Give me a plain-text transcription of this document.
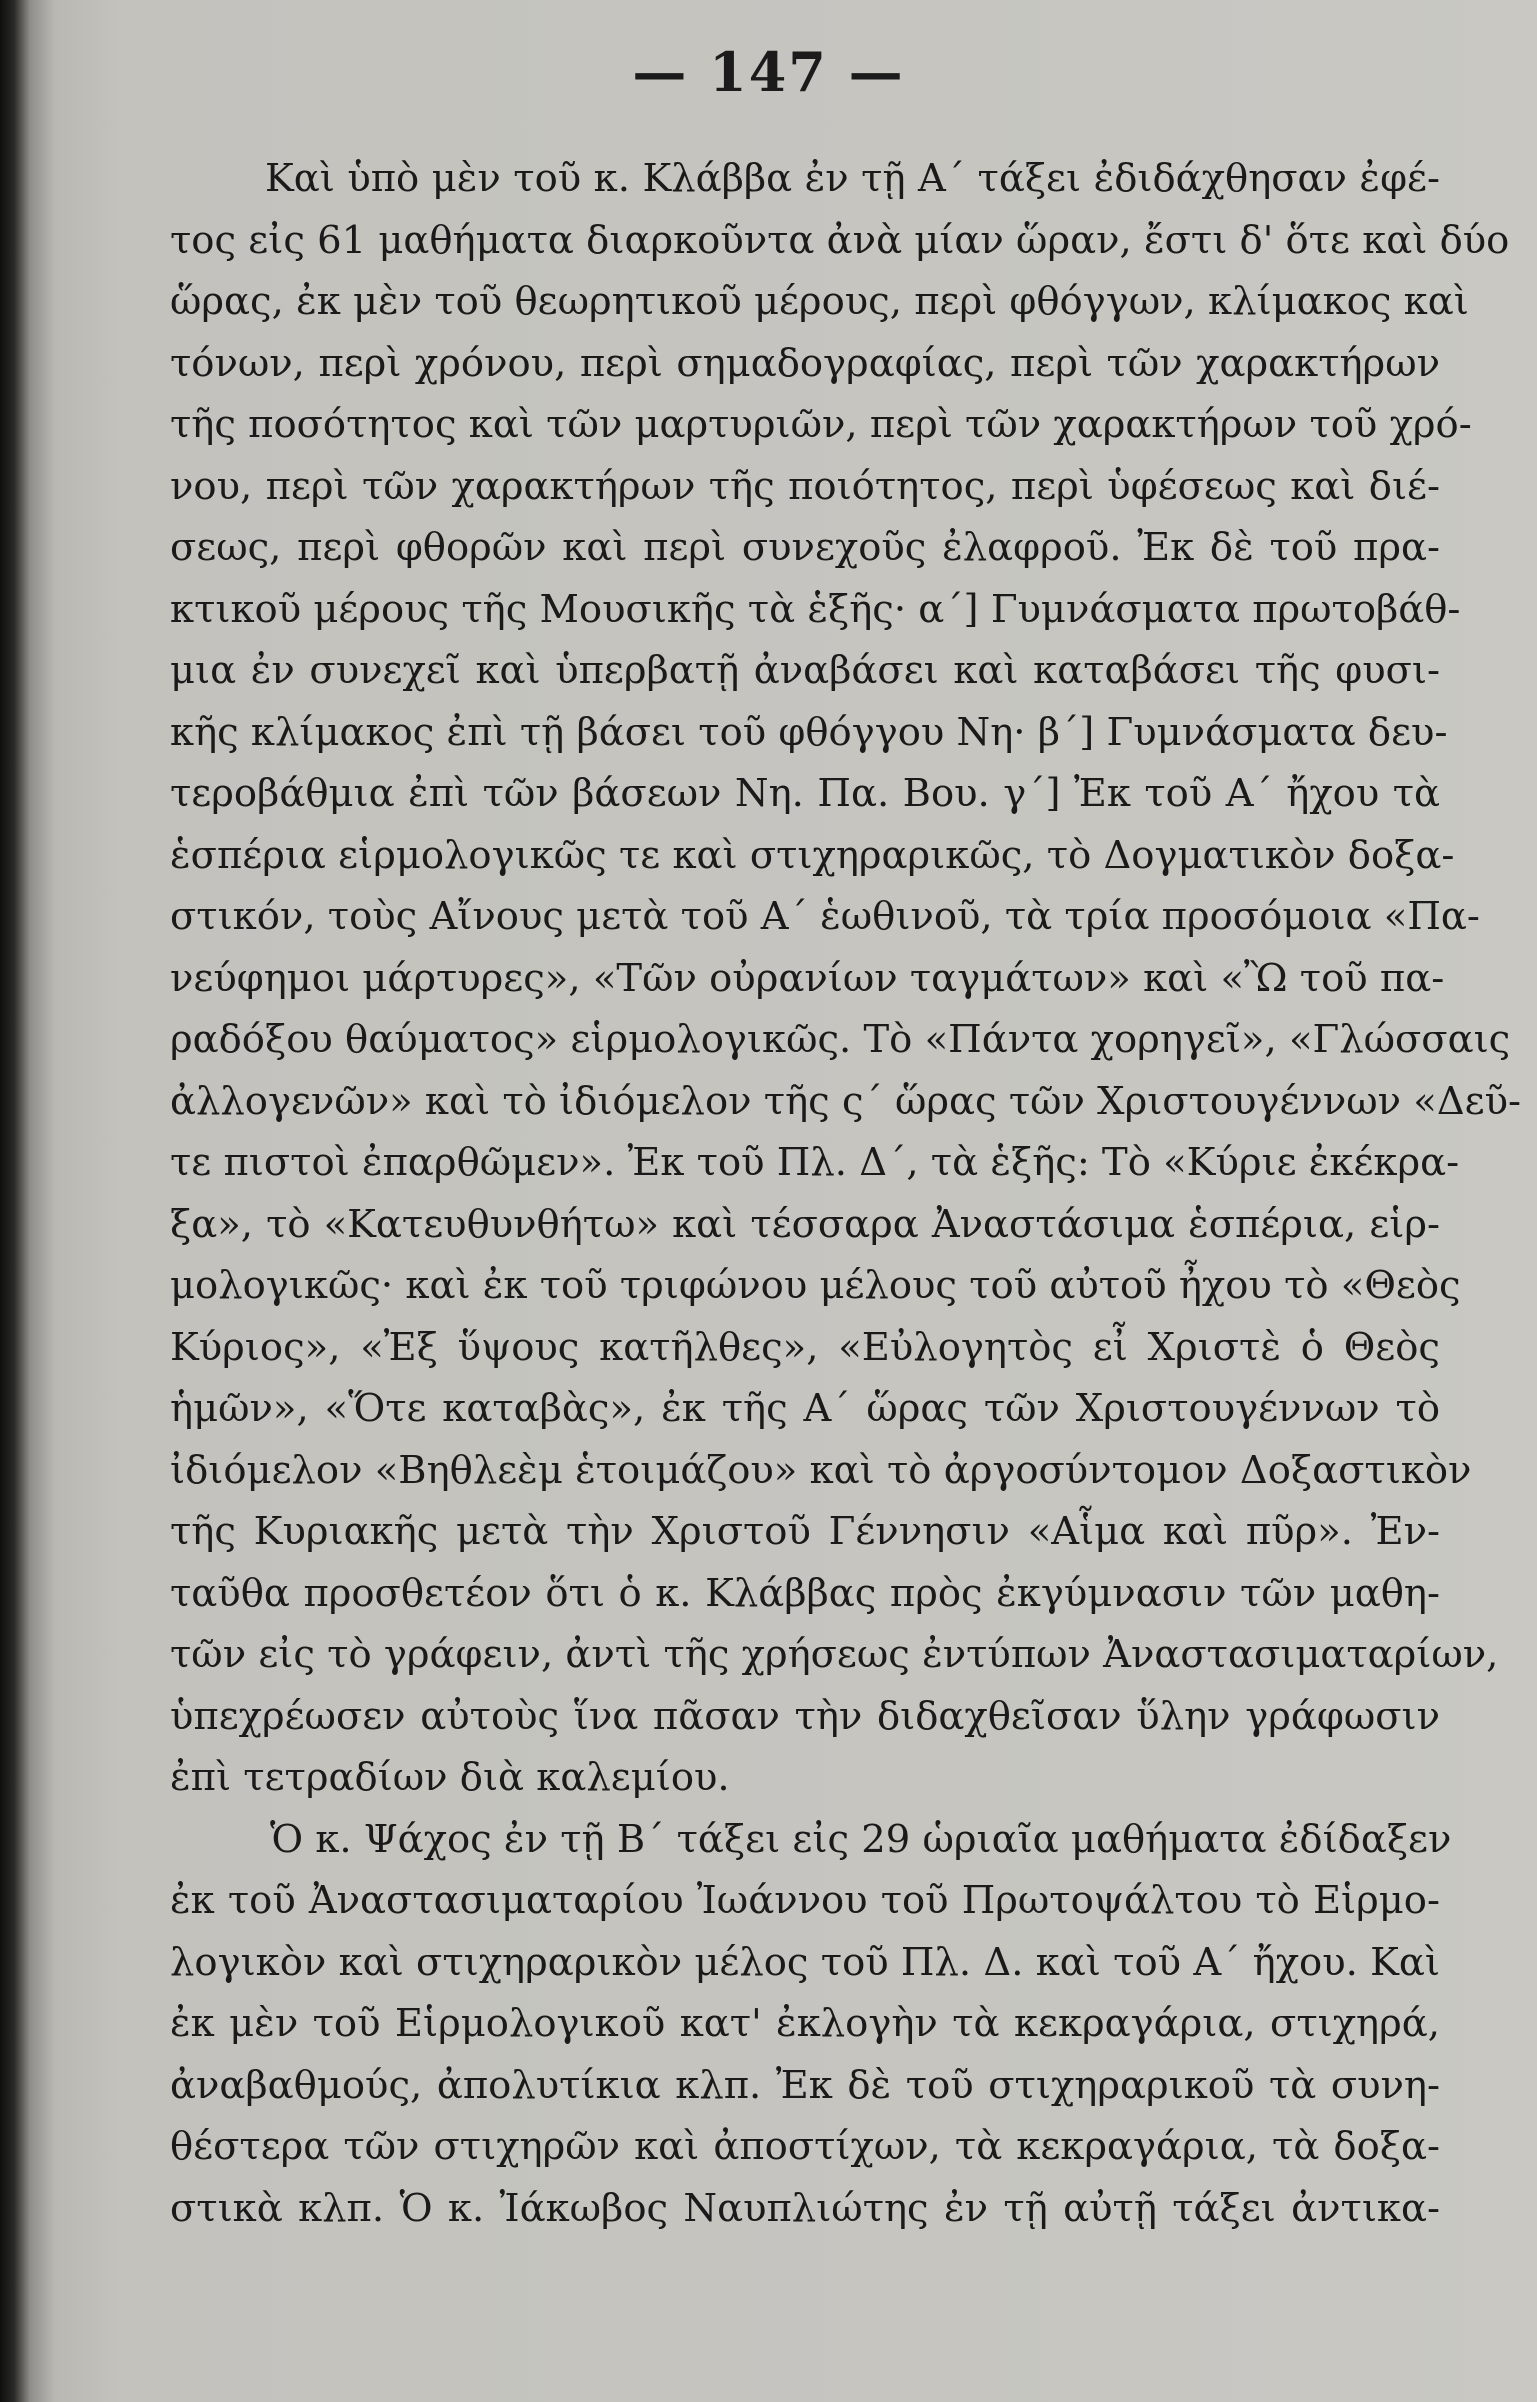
— 147 —
Καὶ ὑπὸ μὲν τοῦ κ. Κλάββα ἐν τῇ Α΄ τάξει ἐδιδάχθησαν ἐφέ-
τος εἰς 61 μαθήματα διαρκοῦντα ἀνὰ μίαν ὥραν, ἔστι δ' ὅτε καὶ δύο
ὥρας, ἐκ μὲν τοῦ θεωρητικοῦ μέρους, περὶ φθόγγων, κλίμακος καὶ
τόνων, περὶ χρόνου, περὶ σημαδογραφίας, περὶ τῶν χαρακτήρων
τῆς ποσότητος καὶ τῶν μαρτυριῶν, περὶ τῶν χαρακτήρων τοῦ χρό-
νου, περὶ τῶν χαρακτήρων τῆς ποιότητος, περὶ ὑφέσεως καὶ διέ-
σεως, περὶ φθορῶν καὶ περὶ συνεχοῦς ἐλαφροῦ. Ἐκ δὲ τοῦ πρα-
κτικοῦ μέρους τῆς Μουσικῆς τὰ ἑξῆς· α΄] Γυμνάσματα πρωτοβάθ-
μια ἐν συνεχεῖ καὶ ὑπερβατῇ ἀναβάσει καὶ καταβάσει τῆς φυσι-
κῆς κλίμακος ἐπὶ τῇ βάσει τοῦ φθόγγου Νη· β΄] Γυμνάσματα δευ-
τεροβάθμια ἐπὶ τῶν βάσεων Νη. Πα. Βου. γ΄] Ἐκ τοῦ Α΄ ἤχου τὰ
ἑσπέρια εἱρμολογικῶς τε καὶ στιχηραρικῶς, τὸ Δογματικὸν δοξα-
στικόν, τοὺς Αἴνους μετὰ τοῦ Α΄ ἑωθινοῦ, τὰ τρία προσόμοια «Πα-
νεύφημοι μάρτυρες», «Τῶν οὐρανίων ταγμάτων» καὶ «Ὢ τοῦ πα-
ραδόξου θαύματος» εἱρμολογικῶς. Τὸ «Πάντα χορηγεῖ», «Γλώσσαις
ἀλλογενῶν» καὶ τὸ ἰδιόμελον τῆς ς΄ ὥρας τῶν Χριστουγέννων «Δεῦ-
τε πιστοὶ ἐπαρθῶμεν». Ἐκ τοῦ Πλ. Δ΄, τὰ ἑξῆς: Τὸ «Κύριε ἐκέκρα-
ξα», τὸ «Κατευθυνθήτω» καὶ τέσσαρα Ἀναστάσιμα ἑσπέρια, εἱρ-
μολογικῶς· καὶ ἐκ τοῦ τριφώνου μέλους τοῦ αὐτοῦ ἦχου τὸ «Θεὸς
Κύριος», «Ἐξ ὕψους κατῆλθες», «Εὐλογητὸς εἶ Χριστὲ ὁ Θεὸς
ἡμῶν», «Ὅτε καταβὰς», ἐκ τῆς Α΄ ὥρας τῶν Χριστουγέννων τὸ
ἰδιόμελον «Βηθλεὲμ ἑτοιμάζου» καὶ τὸ ἀργοσύντομον Δοξαστικὸν
τῆς Κυριακῆς μετὰ τὴν Χριστοῦ Γέννησιν «Αἷμα καὶ πῦρ». Ἐν-
ταῦθα προσθετέον ὅτι ὁ κ. Κλάββας πρὸς ἐκγύμνασιν τῶν μαθη-
τῶν εἰς τὸ γράφειν, ἀντὶ τῆς χρήσεως ἐντύπων Ἀναστασιματαρίων,
ὑπεχρέωσεν αὐτοὺς ἵνα πᾶσαν τὴν διδαχθεῖσαν ὕλην γράφωσιν
ἐπὶ τετραδίων διὰ καλεμίου.
Ὁ κ. Ψάχος ἐν τῇ Β΄ τάξει εἰς 29 ὡριαῖα μαθήματα ἐδίδαξεν
ἐκ τοῦ Ἀναστασιματαρίου Ἰωάννου τοῦ Πρωτοψάλτου τὸ Εἱρμο-
λογικὸν καὶ στιχηραρικὸν μέλος τοῦ Πλ. Δ. καὶ τοῦ Α΄ ἤχου. Καὶ
ἐκ μὲν τοῦ Εἱρμολογικοῦ κατ' ἐκλογὴν τὰ κεκραγάρια, στιχηρά,
ἀναβαθμούς, ἀπολυτίκια κλπ. Ἐκ δὲ τοῦ στιχηραρικοῦ τὰ συνη-
θέστερα τῶν στιχηρῶν καὶ ἀποστίχων, τὰ κεκραγάρια, τὰ δοξα-
στικὰ κλπ. Ὁ κ. Ἰάκωβος Ναυπλιώτης ἐν τῇ αὐτῇ τάξει ἀντικα-
